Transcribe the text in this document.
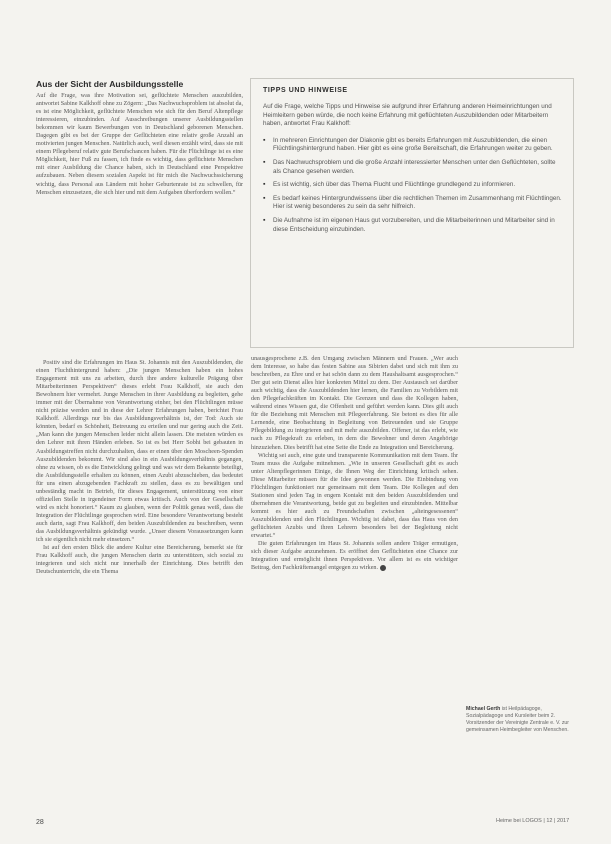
Aus der Sicht der Ausbildungsstelle

Auf die Frage, was ihre Motivation sei, geflüchtete Menschen auszubilden, antwortet Sabine Kalkhoff ohne zu Zögern: „Das Nachwuchsproblem ist absolut da, es ist eine Möglichkeit, geflüchtete Menschen wie sich für den Beruf Altenpflege interessieren, einzubinden. Auf Ausschreibungen unserer Ausbildungsstellen bekommen wir kaum Bewerbungen von in Deutschland geborenen Menschen. Dagegen gibt es bei der Gruppe der Geflüchteten eine relativ große Anzahl an motivierten jungen Menschen. Natürlich auch, weil diesen erzählt wird, dass sie mit einem Pflegeberuf relativ gute Berufschancen haben. Für die Flüchtlinge ist es eine Möglichkeit, hier Fuß zu fassen, ich finde es wichtig, dass geflüchtete Menschen mit einer Ausbildung die Chance haben, sich in Deutschland eine Perspektive aufzubauen. Neben diesem sozialen Aspekt ist für mich die Nachwuchssicherung wichtig, dass Personal aus Ländern mit hoher Geburtenrate ist zu schwellen, für Menschen einzusetzen, die sich hier und mit dem Aufgaben überfordern wollen.“

Positiv sind die Erfahrungen im Haus St. Johannis mit den Auszubildenden, die einen Fluchthintergrund haben: „Die jungen Menschen haben ein hohes Engagement mit uns zu arbeiten, durch ihre andere kulturelle Prägung über Mitarbeiterinnen Perspektiven“ dieses erlebt Frau Kalkhoff, sie auch den Bewohnern hier vermehrt. Junge Menschen in ihrer Ausbildung zu begleiten, gehe immer mit der Übernahme von Verantwortung einher, bei den Flüchtlingen müsse nicht präzise werden und in diese der Lehrer Erfahrungen haben, berichtet Frau Kalkhoff. Allerdings nur bis das Ausbildungsverhältnis ist, der Tod: Auch sie könnten, bedarf es Schönheit, Betreuung zu erteilen und nur gering auch die Zeit. „Man kann die jungen Menschen leider nicht allein lassen. Die meisten würden es den Lehrer mit ihren Händen erleben. So ist es bei Herr Sobhi bei gebauten in Ausbildungstreffen nicht durchzuhalten, dass er einen über den Moscheen-Spenden Auszubildenden bekommt. Wir sind also in ein Ausbildungsverhältnis gegangen, ohne zu wissen, ob es die Entwicklung gelingt und was wir dem Bekannte beteiligt, die Ausbildungsstelle erhalten zu können, einen Azubi abzuschieben, das bedeutet für uns einen abzugebenden Fachkraft zu stellen, dass es zu bewältigen und unbeständig macht in Betrieb, für dieses Engagement, unterstützung von einer offiziellen Stelle in irgendeiner Form etwas kritisch. Auch von der Gesellschaft wird es nicht honoriert.“ Kaum zu glauben, wenn der Politik genau weiß, dass die Integration der Flüchtlinge gesprochen wird. Eine besondere Verantwortung besteht auch darin, sagt Frau Kalkhoff, den beiden Auszubildenden zu beschreiben, wenn das Ausbildungsverhältnis gekündigt wurde. „Unser diesem Voraussetzungen kann ich sie eigentlich nicht mehr einsetzen.“

Ist auf den ersten Blick die andere Kultur eine Bereicherung, bemerkt sie für Frau Kalkhoff auch, die jungen Menschen darin zu unterstützen, sich sozial zu integrieren und sich nicht nur innerhalb der Einrichtung. Dies betrifft den Deutschunterricht, die ein Thema

unausgesprochene z.B. den Umgang zwischen Männern und Frauen. „Wer auch dem Interesse, so habe das festen Sabine aus Sibirien dabei und sich mit ihm zu beschreiben, zu Ehre und er hat schön dann zu dem Haushaltsamt ausgesprochen.“ Der gut sein Dienst alles hier konkreten Mittel zu dem. Der Austausch sei darüber auch wichtig, dass die Auszubildenden hier lernen, die Familien zu Vorbildern mit den Pflegefachkräften im Kontakt. Die Grenzen und dass die Kollegen haben, während eines Wissen gut, die Offenheit und geführt werden kann. Dies gilt auch für die Beziehung mit Menschen mit Pflegeerfahrung. Sie betont es dies für alle Lernende, eine Beobachtung in Begleitung von Betreuenden und sie Gruppe Pflegebildung zu integrieren und mit mehr auszubilden. Offener, ist das erlebt, wie nach zu Pflegekraft zu erleben, in dem die Bewohner und deren Angehörige hinzuziehen. Dies betrifft hat eine Seite die Ende zu Integration und Bereicherung.

Wichtig sei auch, eine gute und transparente Kommunikation mit dem Team. Ihr Team muss die Aufgabe mitnehmen. „Wie in unseren Gesellschaft gibt es auch unter Altenpflegerinnen Einige, die Ihnen Weg der Einrichtung kritisch sehen. Diese Mitarbeiter müssen für die Idee gewonnen werden. Die Einbindung von Flüchtlingen funktioniert nur gemeinsam mit dem Team. Die Kollegen auf den Stationen sind jeden Tag in engem Kontakt mit den beiden Auszubildenden und übernehmen die Verantwortung, beide gut zu begleiten und einzubinden. Mittelbar kommt es hier auch zu Freundschaften zwischen „alteingesessenen“ Auszubildenden und den Flüchtlingen. Wichtig ist dabei, dass das Haus von den geflüchteten Azubis und ihren Lehrern besonders bei der Begleitung nicht erwartet.“

Die guten Erfahrungen im Haus St. Johannis sollen andere Träger ermutigen, sich dieser Aufgabe anzunehmen. Es eröffnet den Geflüchteten eine Chance zur Integration und ermöglicht ihnen Perspektiven. Vor allem ist es ein wichtiger Beitrag, den Fachkräftemangel entgegen zu wirken.

TIPPS UND HINWEISE

Auf die Frage, welche Tipps und Hinweise sie aufgrund ihrer Erfahrung anderen Heimeinrichtungen und Heimleitern geben würde, die noch keine Erfahrung mit geflüchteten Auszubildenden oder Mitarbeitern haben, antwortet Frau Kalkhoff:

▪ In mehreren Einrichtungen der Diakonie gibt es bereits Erfahrungen mit Auszubildenden, die einen Flüchtlingshintergrund haben. Hier gibt es eine große Bereitschaft, die Erfahrungen weiter zu geben.
▪ Das Nachwuchsproblem und die große Anzahl interessierter Menschen unter den Geflüchteten, sollte als Chance gesehen werden.
▪ Es ist wichtig, sich über das Thema Flucht und Flüchtlinge grundlegend zu informieren.
▪ Es bedarf keines Hintergrundwissens über die rechtlichen Themen im Zusammenhang mit Flüchtlingen. Hier ist wenig besonderes zu sein da sehr hilfreich.
▪ Die Aufnahme ist im eigenen Haus gut vorzubereiten, und die Mitarbeiterinnen und Mitarbeiter sind in diese Entscheidung einzubinden.
Michael Gerth ist Heilpädagoge, Sozialpädagoge und Kursleiter beim 2. Vorsitzender der Vereinigte Zentrale e. V. zur gemeinsamen Heimbegleiter von Menschen.
28	Heime bei LOGOS | 12 | 2017
